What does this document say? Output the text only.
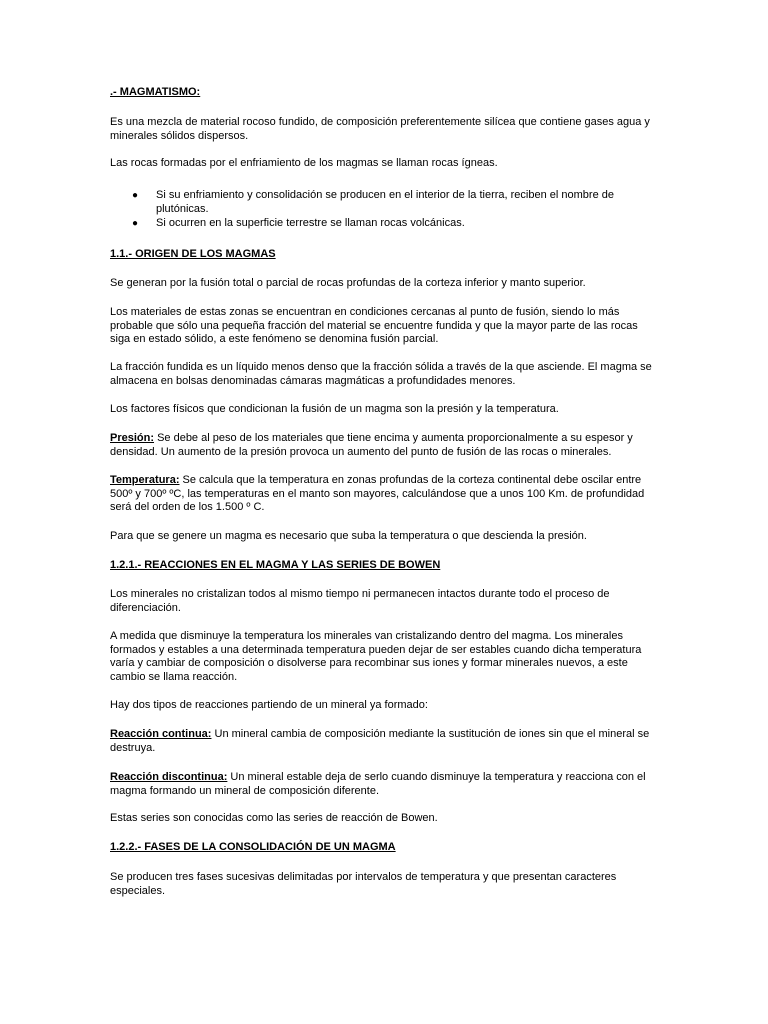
.- MAGMATISMO:

Es una mezcla de material rocoso fundido, de composición preferentemente silícea que contiene gases agua y minerales sólidos dispersos.

Las rocas formadas por el enfriamiento de los magmas se llaman rocas ígneas.

● Si su enfriamiento y consolidación se producen en el interior de la tierra, reciben el nombre de plutónicas.
● Si ocurren en la superficie terrestre se llaman rocas volcánicas.

1.1.- ORIGEN DE LOS MAGMAS

Se generan por la fusión total o parcial de rocas profundas de la corteza inferior y manto superior.

Los materiales de estas zonas se encuentran en condiciones cercanas al punto de fusión, siendo lo más probable que sólo una pequeña fracción del material se encuentre fundida y que la mayor parte de las rocas siga en estado sólido, a este fenómeno se denomina fusión parcial.

La fracción fundida es un líquido menos denso que la fracción sólida a través de la que asciende. El magma se almacena en bolsas denominadas cámaras magmáticas a profundidades menores.

Los factores físicos que condicionan la fusión de un magma son la presión y la temperatura.

Presión: Se debe al peso de los materiales que tiene encima y aumenta proporcionalmente a su espesor y densidad. Un aumento de la presión provoca un aumento del punto de fusión de las rocas o minerales.

Temperatura: Se calcula que la temperatura en zonas profundas de la corteza continental debe oscilar entre 500º y 700º ºC, las temperaturas en el manto son mayores, calculándose que a unos 100 Km. de profundidad será del orden de los 1.500 º C.

Para que se genere un magma es necesario que suba la temperatura o que descienda la presión.

1.2.1.- REACCIONES EN EL MAGMA Y LAS SERIES DE BOWEN

Los minerales no cristalizan todos al mismo tiempo ni permanecen intactos durante todo el proceso de diferenciación.

A medida que disminuye la temperatura los minerales van cristalizando dentro del magma. Los minerales formados y estables a una determinada temperatura pueden dejar de ser estables cuando dicha temperatura varía y cambiar de composición o disolverse para recombinar sus iones y formar minerales nuevos, a este cambio se llama reacción.

Hay dos tipos de reacciones partiendo de un mineral ya formado:

Reacción continua: Un mineral cambia de composición mediante la sustitución de iones sin que el mineral se destruya.

Reacción discontinua: Un mineral estable deja de serlo cuando disminuye la temperatura y reacciona con el magma formando un mineral de composición diferente.

Estas series son conocidas como las series de reacción de Bowen.

1.2.2.- FASES DE LA CONSOLIDACIÓN DE UN MAGMA

Se producen tres fases sucesivas delimitadas por intervalos de temperatura y que presentan caracteres especiales.
